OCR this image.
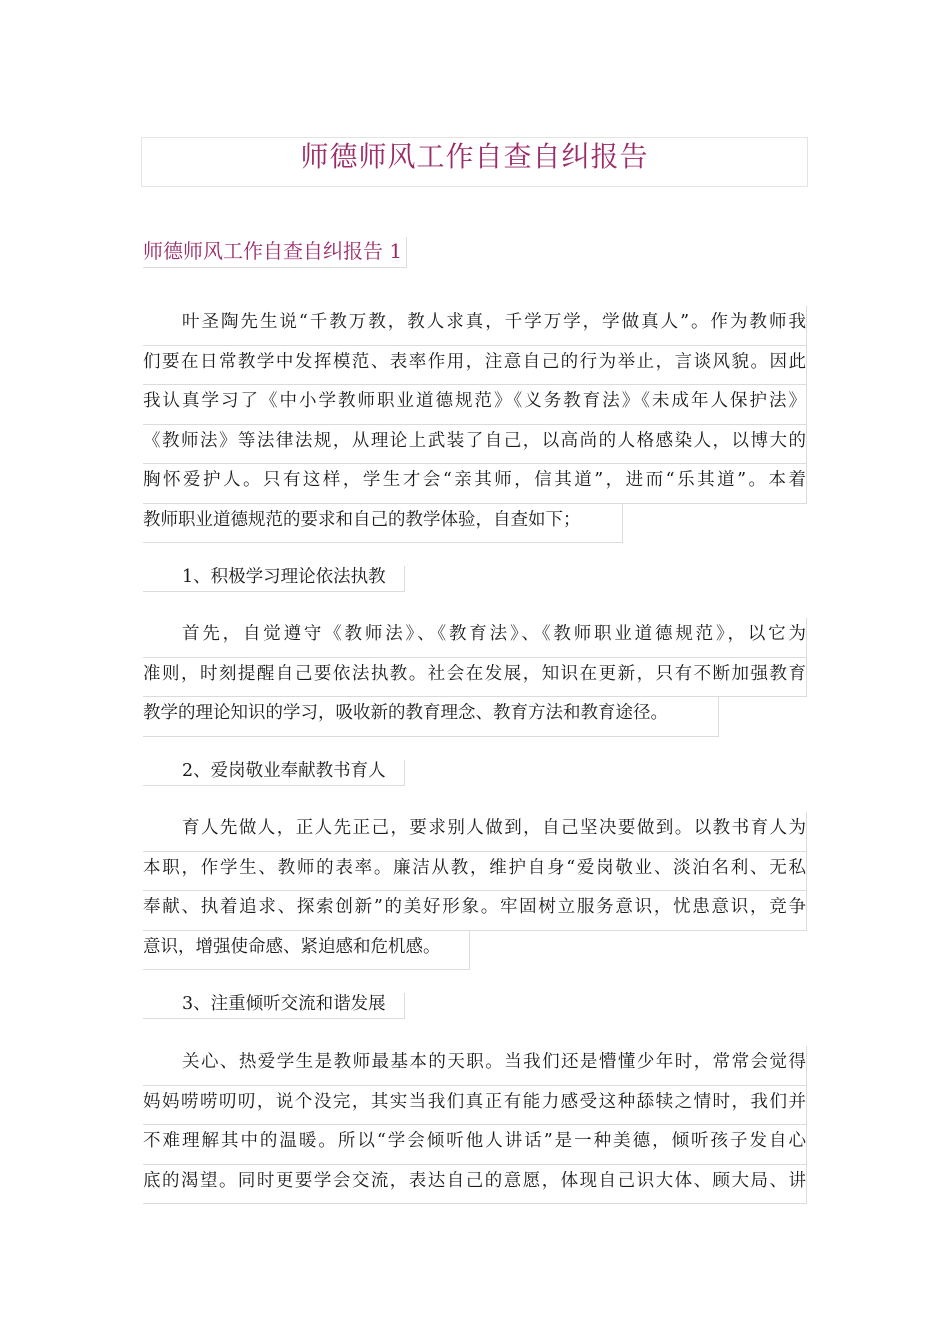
师德师风工作自查自纠报告
师德师风工作自查自纠报告 1
叶圣陶先生说“千教万教，教人求真，千学万学，学做真人”。作为教师我
们要在日常教学中发挥模范、表率作用，注意自己的行为举止，言谈风貌。因此
我认真学习了《中小学教师职业道德规范》《义务教育法》《未成年人保护法》
《教师法》等法律法规，从理论上武装了自己，以高尚的人格感染人，以博大的
胸怀爱护人。只有这样，学生才会“亲其师，信其道”，进而“乐其道”。本着
教师职业道德规范的要求和自己的教学体验，自查如下；
1、积极学习理论依法执教
首先，自觉遵守《教师法》、《教育法》、《教师职业道德规范》，以它为
准则，时刻提醒自己要依法执教。社会在发展，知识在更新，只有不断加强教育
教学的理论知识的学习，吸收新的教育理念、教育方法和教育途径。
2、爱岗敬业奉献教书育人
育人先做人，正人先正己，要求别人做到，自己坚决要做到。以教书育人为
本职，作学生、教师的表率。廉洁从教，维护自身“爱岗敬业、淡泊名利、无私
奉献、执着追求、探索创新”的美好形象。牢固树立服务意识，忧患意识，竞争
意识，增强使命感、紧迫感和危机感。
3、注重倾听交流和谐发展
关心、热爱学生是教师最基本的天职。当我们还是懵懂少年时，常常会觉得
妈妈唠唠叨叨，说个没完，其实当我们真正有能力感受这种舔犊之情时，我们并
不难理解其中的温暖。所以“学会倾听他人讲话”是一种美德，倾听孩子发自心
底的渴望。同时更要学会交流，表达自己的意愿，体现自己识大体、顾大局、讲
